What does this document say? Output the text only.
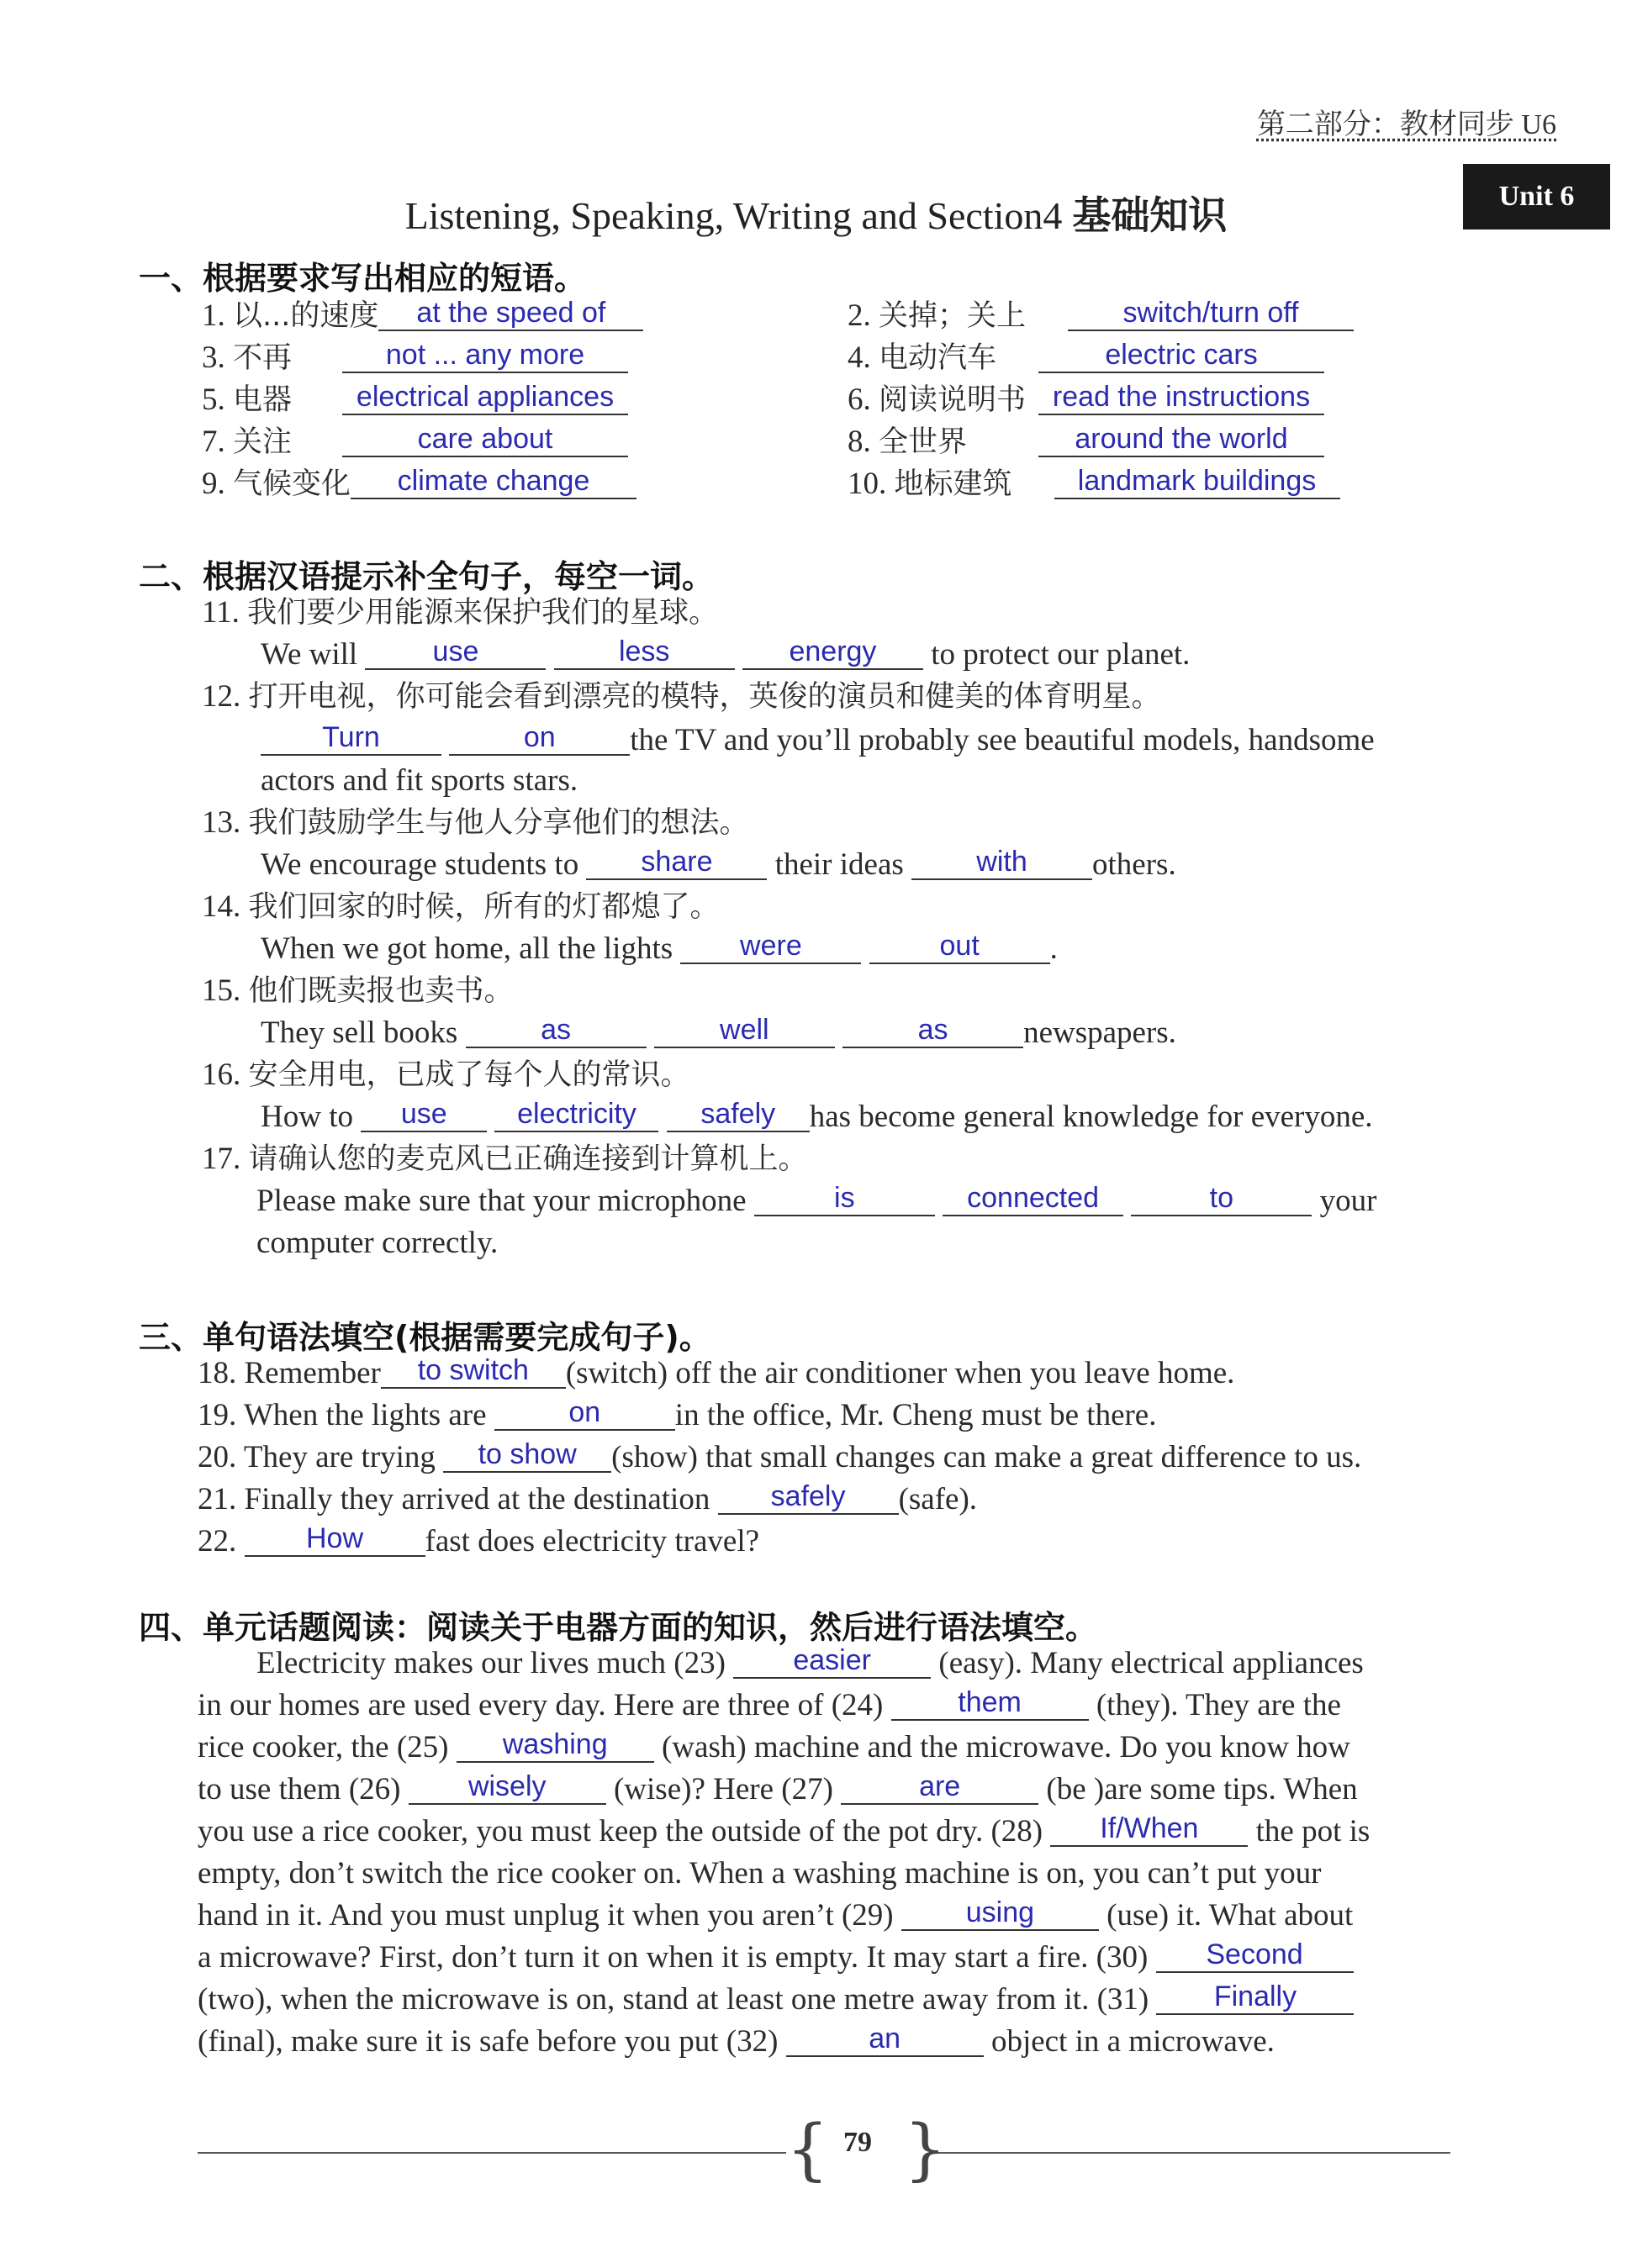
第二部分：教材同步 U6
Unit 6
Listening, Speaking, Writing and Section4 基础知识
一、根据要求写出相应的短语。
1. 以...的速度 at the speed of
3. 不再	not ... any more
5. 电器 electrical appliances
7. 关注	care about
9. 气候变化 climate change
2. 关掉；关上	switch/turn off
4. 电动汽车	electric cars
6. 阅读说明书 read the instructions
8. 全世界	around the world
10. 地标建筑 landmark buildings
二、根据汉语提示补全句子，每空一词。
11. 我们要少用能源来保护我们的星球。
We will	use	less	energy to protect our planet.
12. 打开电视，你可能会看到漂亮的模特，英俊的演员和健美的体育明星。
Turn	on the TV and you’ll probably see beautiful models, handsome
actors and fit sports stars.
13. 我们鼓励学生与他人分享他们的想法。
We encourage students to share their ideas	with others.
14. 我们回家的时候，所有的灯都熄了。
When we got home, all the lights were	out .
15. 他们既卖报也卖书。
They sell books	as	well	as newspapers.
16. 安全用电，已成了每个人的常识。
How to use electricity safely has become general knowledge for everyone.
17. 请确认您的麦克风已正确连接到计算机上。
Please make sure that your microphone	is	connected	to	your
computer correctly.
三、单句语法填空(根据需要完成句子)。
18. Remember to switch (switch) off the air conditioner when you leave home.
19. When the lights are	on in the office, Mr. Cheng must be there.
20. They are trying to show (show) that small changes can make a great difference to us.
21. Finally they arrived at the destination safely (safe).
22. How fast does electricity travel?
四、单元话题阅读：阅读关于电器方面的知识，然后进行语法填空。
Electricity makes our lives much (23) easier (easy). Many electrical appliances
in our homes are used every day. Here are three of (24)	them (they). They are the
rice cooker, the (25) washing (wash) machine and the microwave. Do you know how
to use them (26) wisely (wise)? Here (27)	are	(be )are some tips. When
you use a rice cooker, you must keep the outside of the pot dry. (28) If/When the pot is
empty, don’t switch the rice cooker on. When a washing machine is on, you can’t put your
hand in it. And you must unplug it when you aren’t (29)	using (use) it. What about
a microwave? First, don’t turn it on when it is empty. It may start a fire. (30) Second
(two), when the microwave is on, stand at least one metre away from it. (31) Finally
(final), make sure it is safe before you put (32)	an	object in a microwave.
{ }
79
